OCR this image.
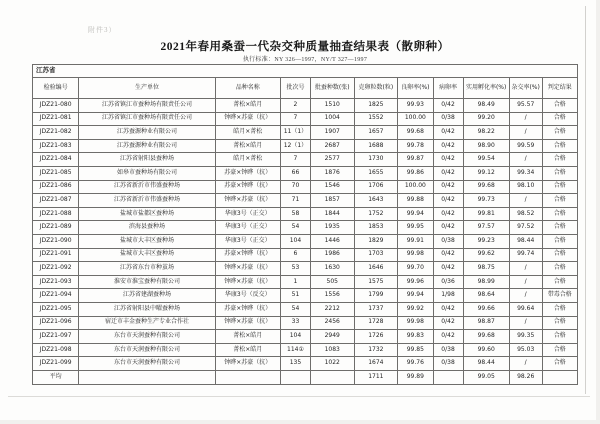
附件3）
2021年春用桑蚕一代杂交种质量抽查结果表（散卵种）
执行标准：NY 326—1997，NY/T 327—1997
江苏省										
检验编号	生产单位	品种名称	批次号	批蚕种数(张)	克卵粒数(粒)	良卵率(%)	病卵率	实用孵化率(%)	杂交率(%)	判定结果
JDZ21-080	江苏省镇江市蚕种场有限责任公司	菁松×皓月	2	1510	1825	99.93	0/42	98.49	95.57	合格
JDZ21-081	江苏省镇江市蚕种场有限责任公司	钟晔×苏豪（抗）	7	1004	1552	100.00	0/38	99.20	/	合格
JDZ21-082	江苏蚕源种业有限公司	皓月×菁松	11（1）	1907	1657	99.68	0/42	98.22	/	合格
JDZ21-083	江苏蚕源种业有限公司	菁松×皓月	12（1）	2687	1688	99.78	0/42	98.90	99.59	合格
JDZ21-084	江苏省射阳县蚕种场	皓月×菁松	7	2577	1730	99.87	0/42	99.54	/	合格
JDZ21-085	如皋市蚕种场有限公司	苏豪×钟晔（抗）	66	1876	1655	99.86	0/42	99.12	99.34	合格
JDZ21-086	江苏省新沂市伟盛蚕种场	苏豪×钟晔（抗）	70	1546	1706	100.00	0/42	99.68	98.10	合格
JDZ21-087	江苏省新沂市伟盛蚕种场	钟晔×苏豪（抗）	71	1857	1643	99.88	0/42	99.73	/	合格
JDZ21-088	盐城市盐都区蚕种场	华康3号（正交）	58	1844	1752	99.94	0/42	99.81	98.52	合格
JDZ21-089	滨海县蚕种场	华康3号（正交）	54	1935	1853	99.95	0/42	97.57	97.52	合格
JDZ21-090	盐城市大丰区蚕种场	华康3号（正交）	104	1446	1829	99.91	0/38	99.23	98.44	合格
JDZ21-091	盐城市大丰区蚕种场	苏豪×钟晔（抗）	6	1986	1703	99.98	0/42	99.62	99.74	合格
JDZ21-092	江苏省东台市种茧场	钟晔×苏豪（抗）	53	1630	1646	99.70	0/42	98.75	/	合格
JDZ21-093	淮安市淮宝蚕种有限公司	钟晔×苏豪（抗）	1	505	1575	99.96	0/36	98.99	/	合格
JDZ21-094	江苏省建湖蚕种场	华康3号（反交）	51	1556	1799	99.94	1/98	98.64	/	带毒合格
JDZ21-095	江苏省射阳县中曜蚕种场	苏豪×钟晔（抗）	54	2212	1737	99.92	0/42	99.66	99.64	合格
JDZ21-096	宿迁市丰金蚕种生产专业合作社	钟晔×苏豪（抗）	33	2456	1728	99.98	0/42	98.87	/	合格
JDZ21-097	东台市天润蚕种有限公司	菁松×皓月	104	2949	1726	99.83	0/42	99.68	99.35	合格
JDZ21-098	东台市天润蚕种有限公司	菁松×皓月	114①	1083	1732	99.85	0/38	99.60	95.03	合格
JDZ21-099	东台市天润蚕种有限公司	钟晔×苏豪（抗）	135	1022	1674	99.76	0/38	98.44	/	合格
平均					1711	99.89		99.05	98.26	
